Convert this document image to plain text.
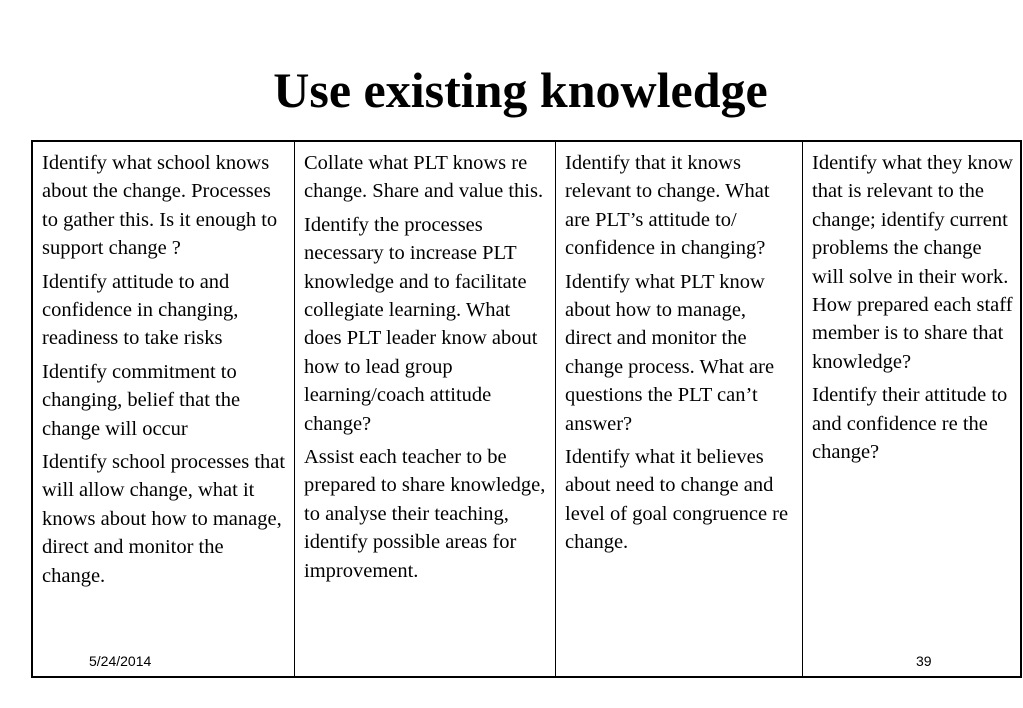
Use existing knowledge

Identify what school knows about the change. Processes to gather this. Is it enough to support change ?

Identify attitude to and confidence in changing, readiness to take risks

Identify commitment to changing, belief that the change will occur

Identify school processes that will allow change, what it knows about how to manage, direct and monitor the change.

Collate what PLT knows re change. Share and value this.

Identify the processes necessary to increase PLT knowledge and to facilitate collegiate learning. What does PLT leader know about how to lead group learning/coach attitude change?

Assist each teacher to be prepared to share knowledge, to analyse their teaching, identify possible areas for improvement.

Identify that it knows relevant to change. What are PLT’s attitude to/ confidence in changing?

Identify what PLT know about how to manage, direct and monitor the change process. What are questions the PLT can’t answer?

Identify what it believes about need to change and level of goal congruence re change.

Identify what they know that is relevant to the change; identify current problems the change will solve in their work. How prepared each staff member is to share that knowledge?

Identify their attitude to and confidence re the change?

5/24/2014	39
